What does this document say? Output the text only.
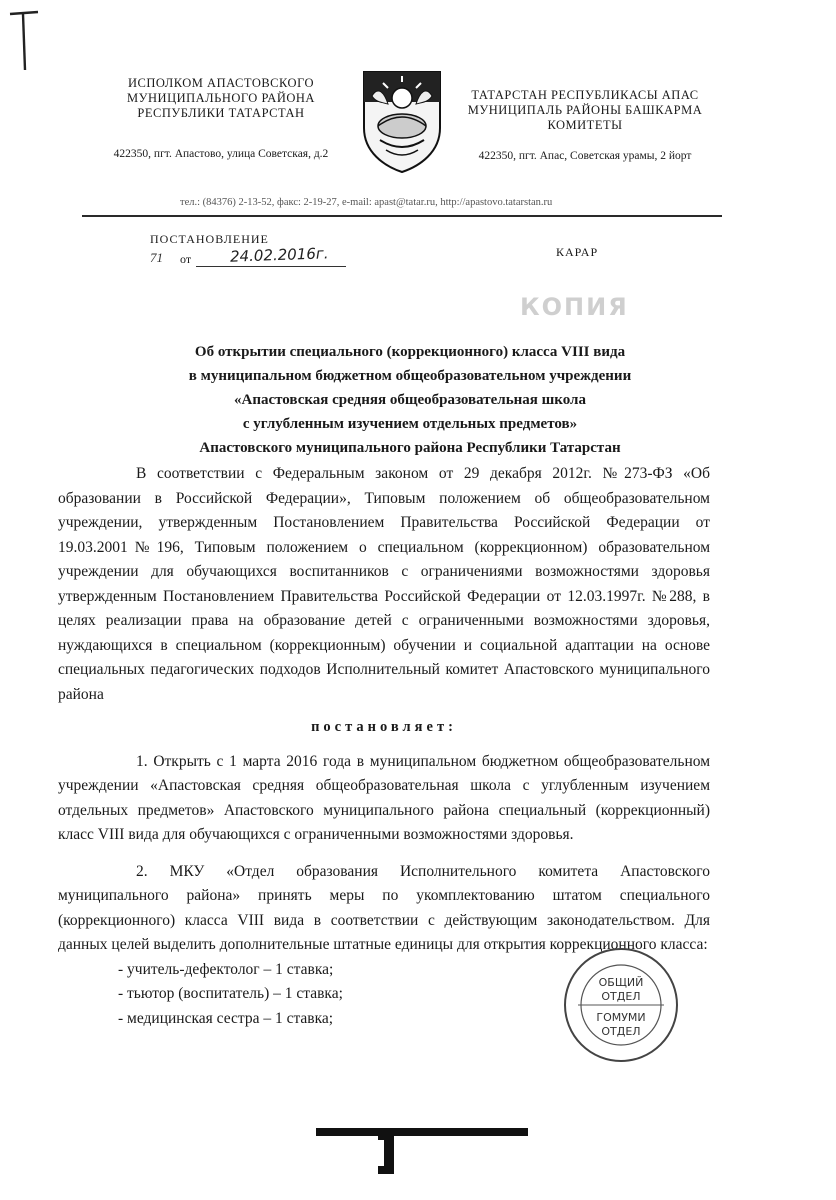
ИСПОЛКОМ АПАСТОВСКОГО МУНИЦИПАЛЬНОГО РАЙОНА РЕСПУБЛИКИ ТАТАРСТАН
422350, пгт. Апастово, улица Советская, д.2
ТАТАРСТАН РЕСПУБЛИКАСЫ АПАС МУНИЦИПАЛЬ РАЙОНЫ БАШКАРМА КОМИТЕТЫ
422350, пгт. Апас, Советская урамы, 2 йорт
тел.: (84376) 2-13-52, факс: 2-19-27, e-mail: apast@tatar.ru, http://apastovo.tatarstan.ru
ПОСТАНОВЛЕНИЕ
КАРАР
71 от	24.02.2016г.
КОПИЯ
Об открытии специального (коррекционного) класса VIII вида
в муниципальном бюджетном общеобразовательном учреждении
«Апастовская средняя общеобразовательная школа
с углубленным изучением отдельных предметов»
Апастовского муниципального района Республики Татарстан

В соответствии с Федеральным законом от 29 декабря 2012г. №273-ФЗ «Об образовании в Российской Федерации», Типовым положением об общеобразовательном учреждении, утвержденным Постановлением Правительства Российской Федерации от 19.03.2001№196, Типовым положением о специальном (коррекционном) образовательном учреждении для обучающихся воспитанников с ограничениями возможностями здоровья утвержденным Постановлением Правительства Российской Федерации от 12.03.1997г. №288, в целях реализации права на образование детей с ограниченными возможностями здоровья, нуждающихся в специальном (коррекционным) обучении и социальной адаптации на основе специальных педагогических подходов Исполнительный комитет Апастовского муниципального района

постановляет:

1. Открыть с 1 марта 2016 года в муниципальном бюджетном общеобразовательном учреждении «Апастовская средняя общеобразовательная школа с углубленным изучением отдельных предметов» Апастовского муниципального района специальный (коррекционный) класс VIII вида для обучающихся с ограниченными возможностями здоровья.

2. МКУ «Отдел образования Исполнительного комитета Апастовского муниципального района» принять меры по укомплектованию штатом специального (коррекционного) класса VIII вида в соответствии с действующим законодательством. Для данных целей выделить дополнительные штатные единицы для открытия коррекционного класса:

- учитель-дефектолог – 1 ставка;
- тьютор (воспитатель) – 1 ставка;
- медицинская сестра – 1 ставка;
ОБЩИЙ
ОТДЕЛ
ГОМУМИ
ОТДЕЛ
